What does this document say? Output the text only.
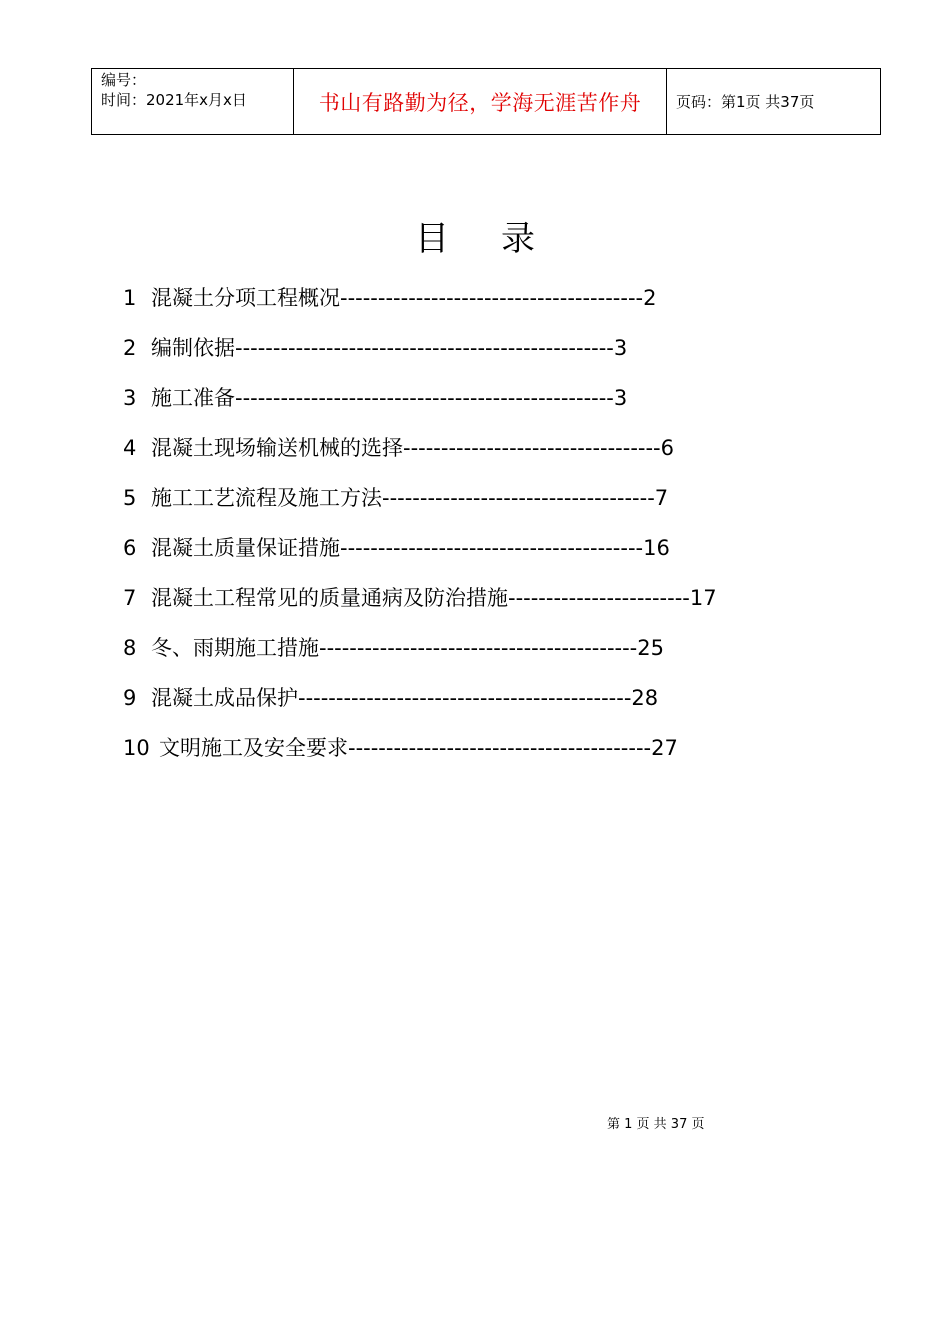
编号：
时间：2021年x月x日	书山有路勤为径，学海无涯苦作舟 页码：第1页 共37页
目 录
1 混凝土分项工程概况----------------------------------------2
2 编制依据--------------------------------------------------3
3 施工准备--------------------------------------------------3
4 混凝土现场输送机械的选择----------------------------------6
5 施工工艺流程及施工方法------------------------------------7
6 混凝土质量保证措施----------------------------------------16
7 混凝土工程常见的质量通病及防治措施------------------------17
8 冬、雨期施工措施------------------------------------------25
9 混凝土成品保护--------------------------------------------28
10 文明施工及安全要求----------------------------------------27
第 1 页 共 37 页
